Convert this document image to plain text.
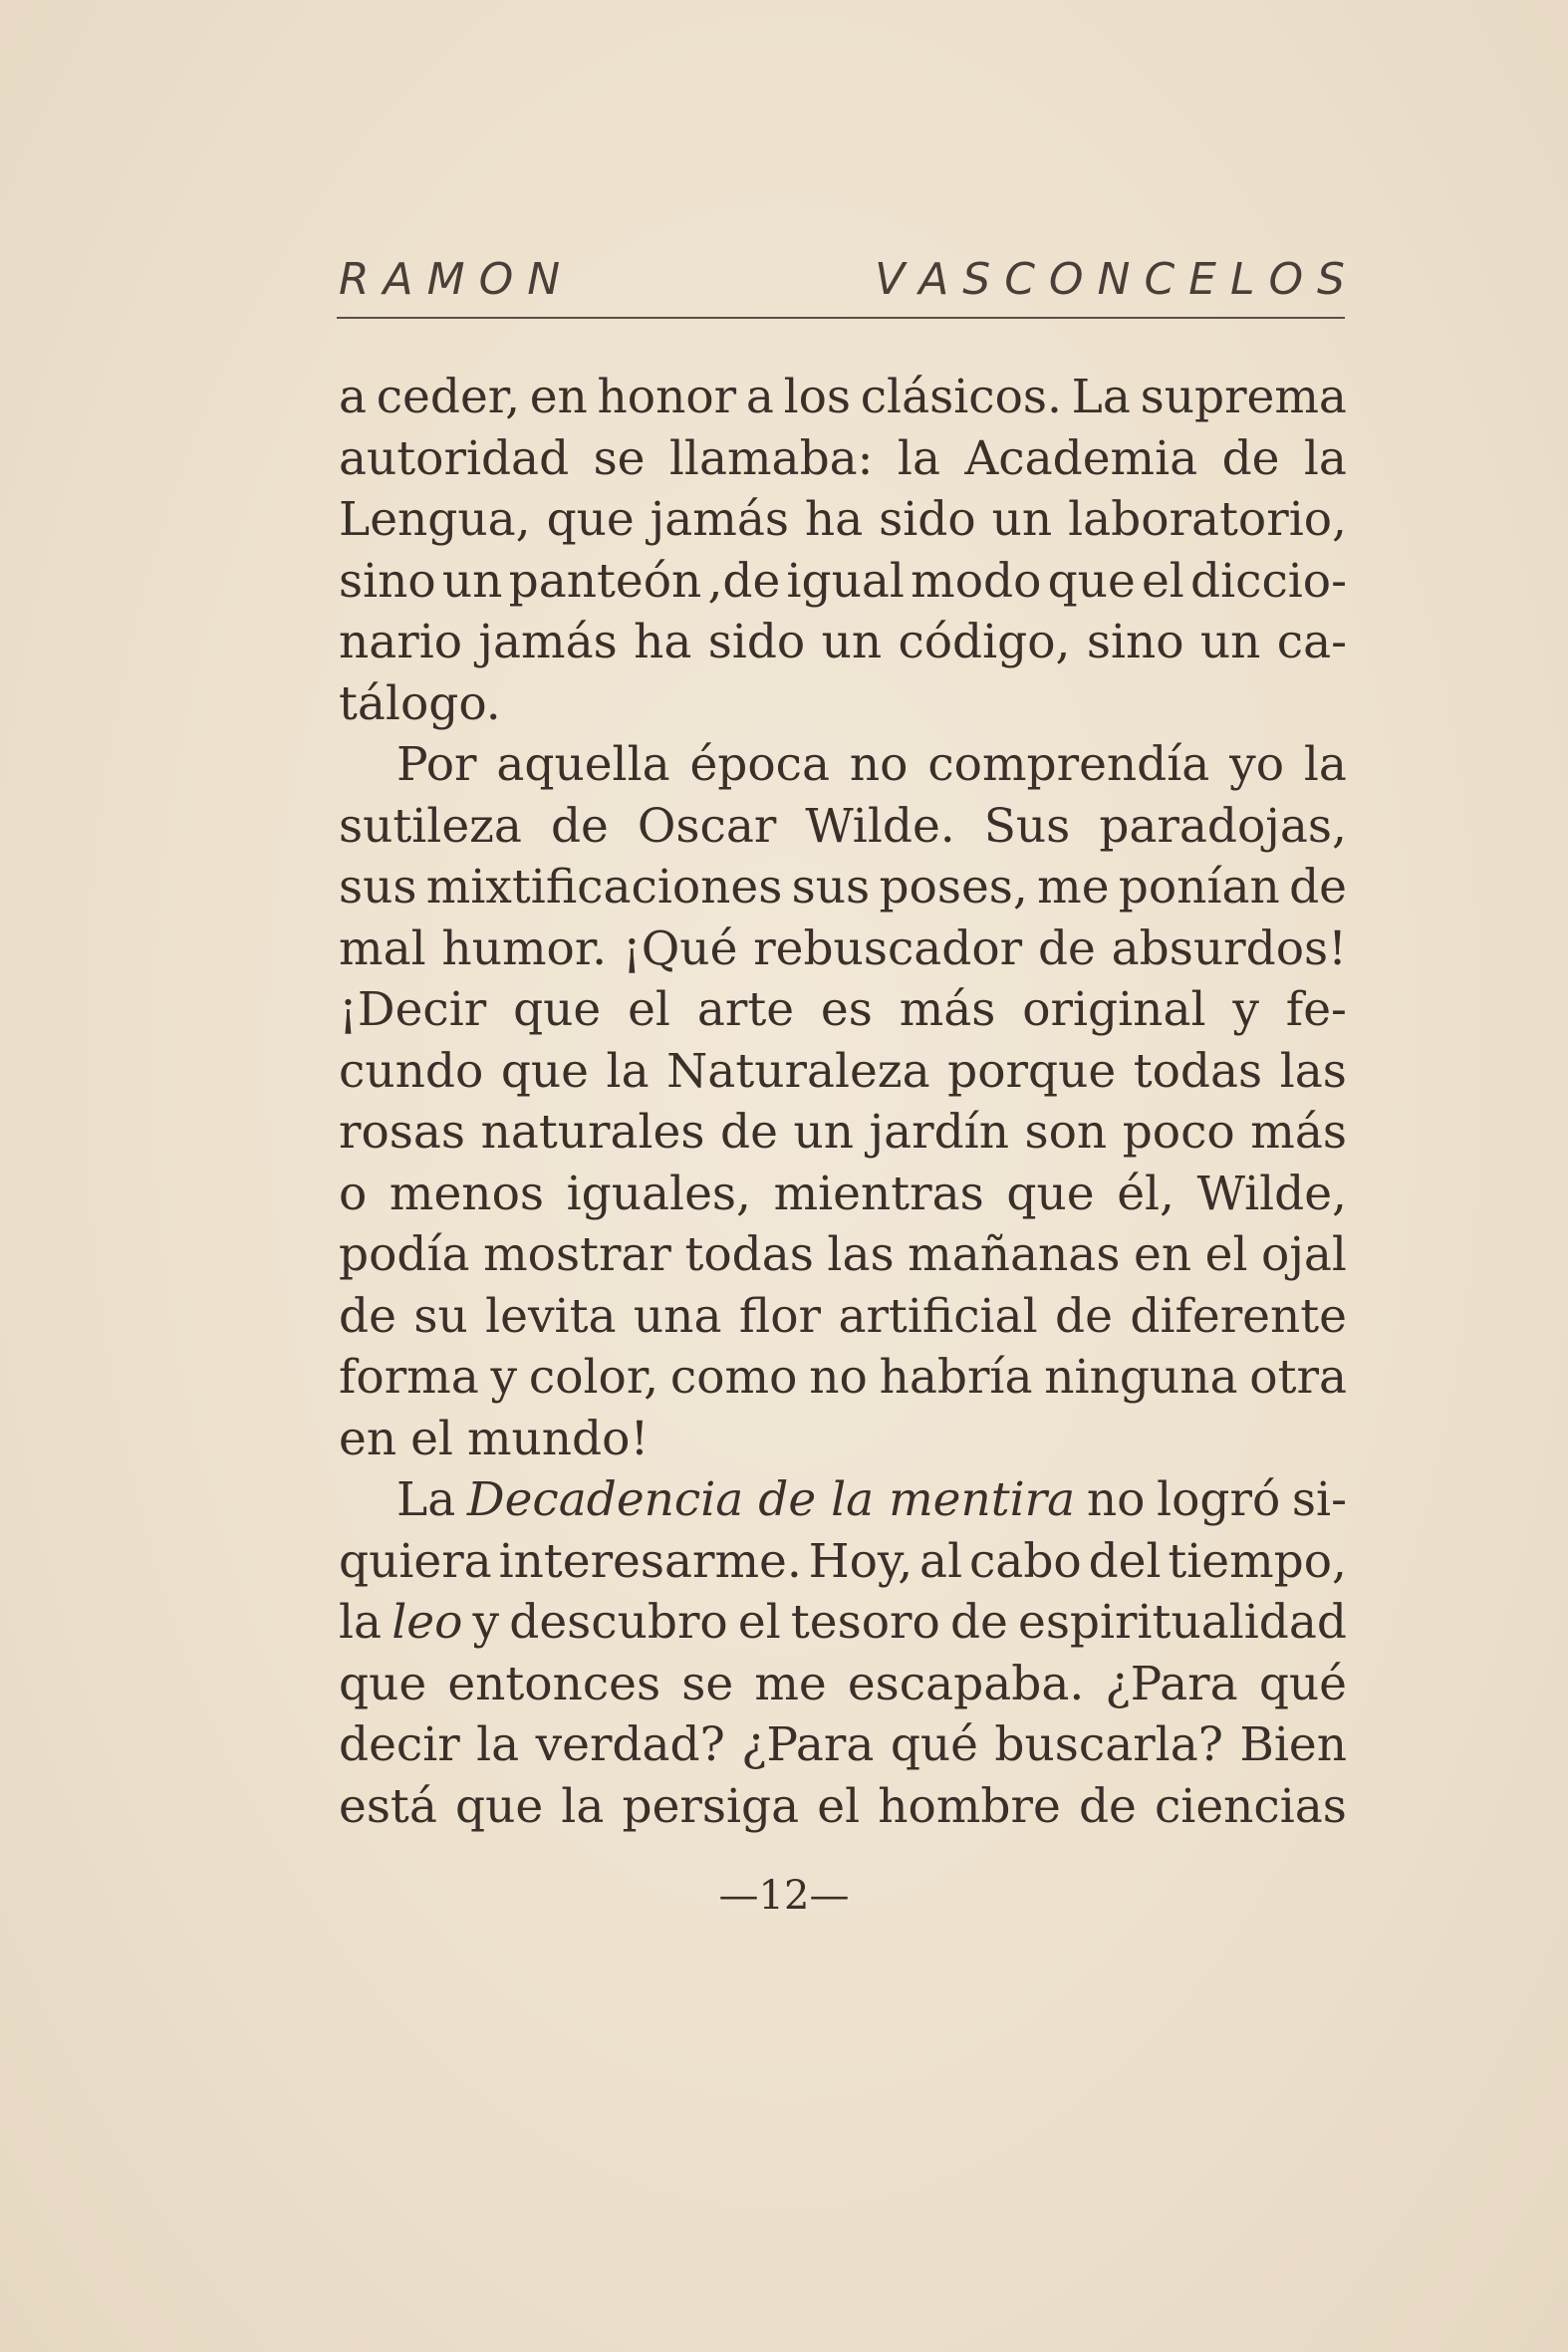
R A M O N	V A S C O N C E L O S
a ceder, en honor a los clásicos. La suprema
autoridad se llamaba: la Academia de la
Lengua, que jamás ha sido un laboratorio,
sino un panteón ,de igual modo que el diccio-
nario jamás ha sido un código, sino un ca-
tálogo.
Por aquella época no comprendía yo la
sutileza de Oscar Wilde. Sus paradojas,
sus mixtificaciones sus poses, me ponían de
mal humor. ¡Qué rebuscador de absurdos!
¡Decir que el arte es más original y fe-
cundo que la Naturaleza porque todas las
rosas naturales de un jardín son poco más
o menos iguales, mientras que él, Wilde,
podía mostrar todas las mañanas en el ojal
de su levita una flor artificial de diferente
forma y color, como no habría ninguna otra
en el mundo!
La Decadencia de la mentira no logró si-
quiera interesarme. Hoy, al cabo del tiempo,
la leo y descubro el tesoro de espiritualidad
que entonces se me escapaba. ¿Para qué
decir la verdad? ¿Para qué buscarla? Bien
está que la persiga el hombre de ciencias
—12—
